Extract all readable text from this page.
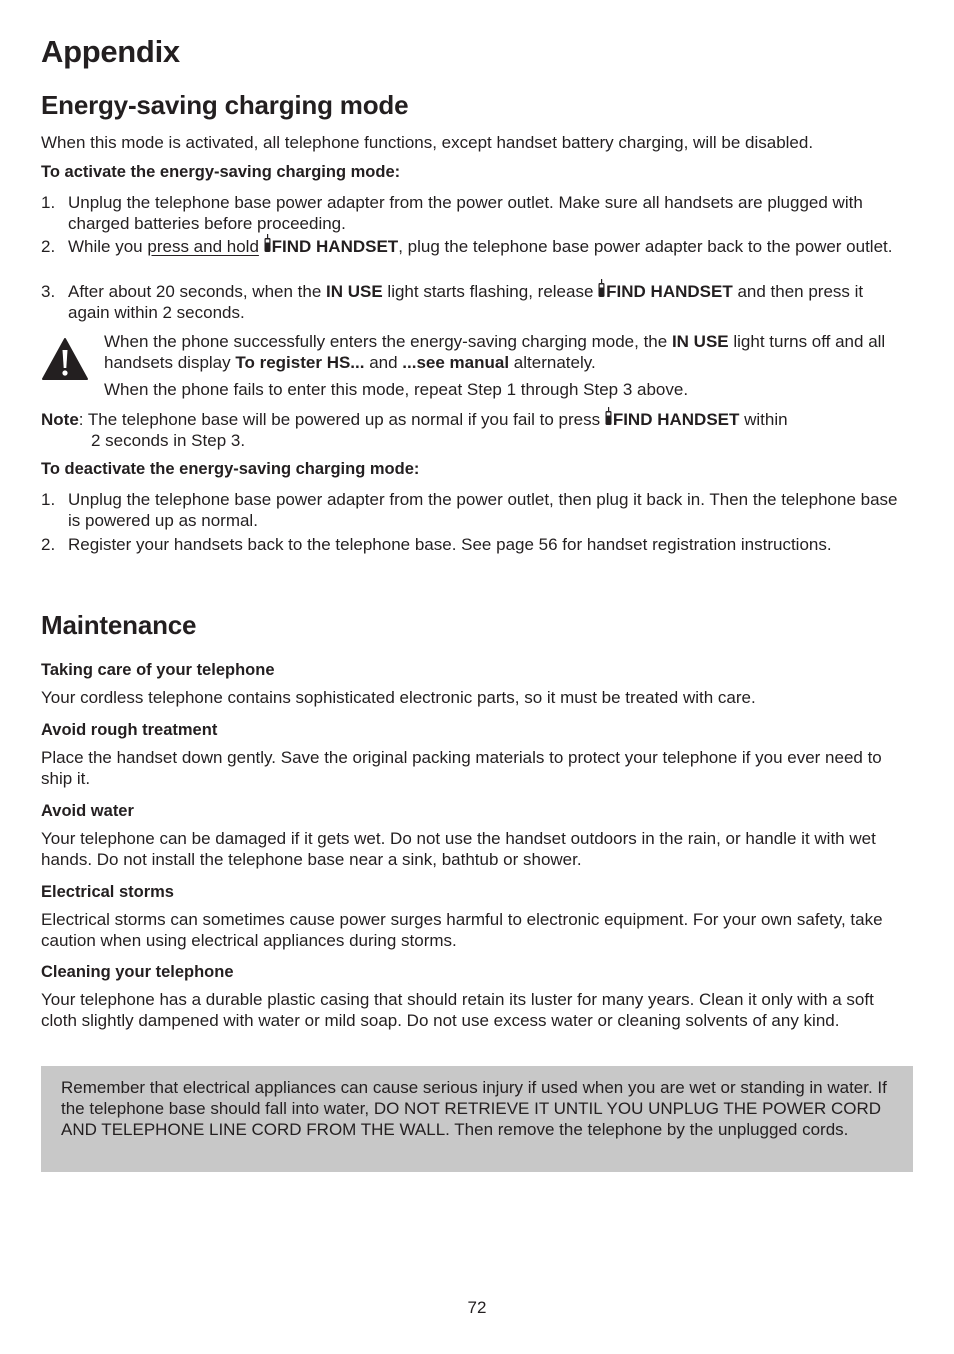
Appendix
Energy-saving charging mode

When this mode is activated, all telephone functions, except handset battery charging, will be disabled.

To activate the energy-saving charging mode:

1. Unplug the telephone base power adapter from the power outlet. Make sure all handsets are plugged with charged batteries before proceeding.
2. While you press and hold FIND HANDSET, plug the telephone base power adapter back to the power outlet.
3. After about 20 seconds, when the IN USE light starts flashing, release
FIND HANDSET and then press it again within 2 seconds.
When the phone successfully enters the energy-saving charging mode, the IN USE light turns off and all handsets display To register HS... and ...see manual alternately.
When the phone fails to enter this mode, repeat Step 1 through Step 3 above.
Note: The telephone base will be powered up as normal if you fail to press
FIND HANDSET within
2 seconds in Step 3.

To deactivate the energy-saving charging mode:

1. Unplug the telephone base power adapter from the power outlet, then plug it back in. Then the telephone base is powered up as normal.
2. Register your handsets back to the telephone base. See page 56 for handset registration instructions.
Maintenance

Taking care of your telephone

Your cordless telephone contains sophisticated electronic parts, so it must be treated with care.

Avoid rough treatment

Place the handset down gently. Save the original packing materials to protect your telephone if you ever need to ship it.

Avoid water

Your telephone can be damaged if it gets wet. Do not use the handset outdoors in the rain, or handle it with wet hands. Do not install the telephone base near a sink, bathtub or shower.

Electrical storms

Electrical storms can sometimes cause power surges harmful to electronic equipment. For your own safety, take caution when using electrical appliances during storms.

Cleaning your telephone

Your telephone has a durable plastic casing that should retain its luster for many years. Clean it only with a soft cloth slightly dampened with water or mild soap. Do not use excess water or cleaning solvents of any kind.

Remember that electrical appliances can cause serious injury if used when you are wet or standing in water. If the telephone base should fall into water, DO NOT RETRIEVE IT UNTIL YOU UNPLUG THE POWER CORD AND TELEPHONE LINE CORD FROM THE WALL. Then remove the telephone by the unplugged cords.

72
